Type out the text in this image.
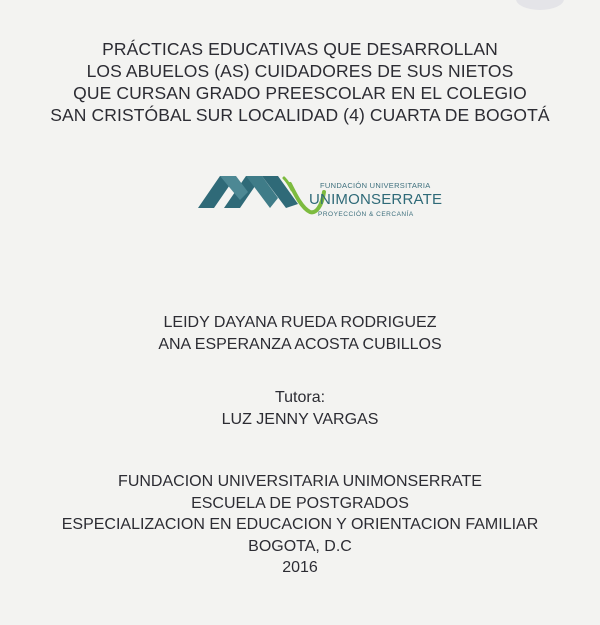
PRÁCTICAS EDUCATIVAS QUE DESARROLLAN
LOS ABUELOS (AS) CUIDADORES DE SUS NIETOS
QUE CURSAN GRADO PREESCOLAR EN EL COLEGIO
SAN CRISTÓBAL SUR LOCALIDAD (4) CUARTA DE BOGOTÁ
FUNDACIÓN UNIVERSITARIA
UNIMONSERRATE
PROYECCIÓN & CERCANÍA
LEIDY DAYANA RUEDA RODRIGUEZ
ANA ESPERANZA ACOSTA CUBILLOS
Tutora:
LUZ JENNY VARGAS
FUNDACION UNIVERSITARIA UNIMONSERRATE
ESCUELA DE POSTGRADOS
ESPECIALIZACION EN EDUCACION Y ORIENTACION FAMILIAR
BOGOTA, D.C
2016
